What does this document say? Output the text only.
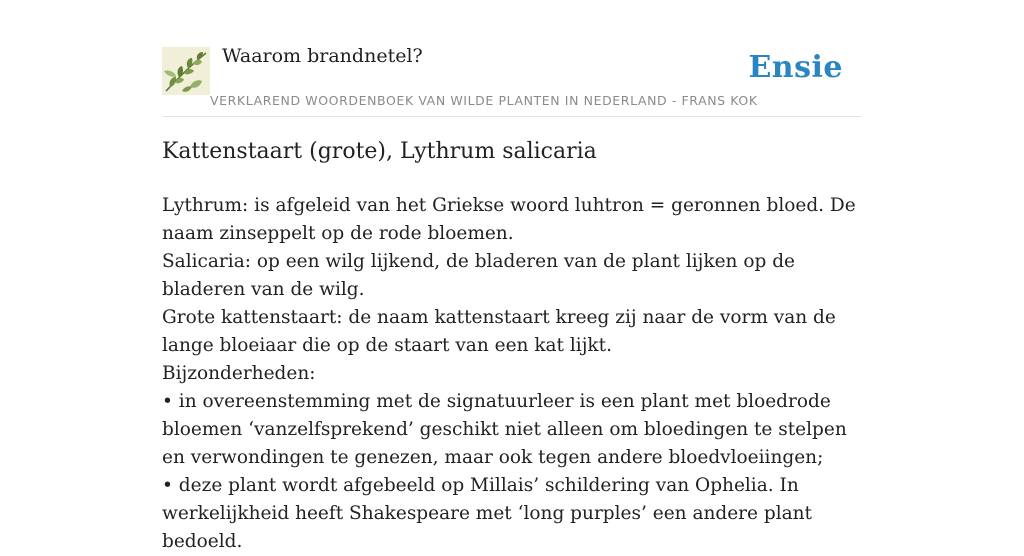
Waarom brandnetel?	Ensie
VERKLAREND WOORDENBOEK VAN WILDE PLANTEN IN NEDERLAND - FRANS KOK
Kattenstaart (grote), Lythrum salicaria

Lythrum: is afgeleid van het Griekse woord luhtron = geronnen bloed. De naam zinseppelt op de rode bloemen.

Salicaria: op een wilg lijkend, de bladeren van de plant lijken op de bladeren van de wilg.

Grote kattenstaart: de naam kattenstaart kreeg zij naar de vorm van de lange bloeiaar die op de staart van een kat lijkt.

Bijzonderheden:

• in overeenstemming met de signatuurleer is een plant met bloedrode bloemen ‘vanzelfsprekend’ geschikt niet alleen om bloedingen te stelpen en verwondingen te genezen, maar ook tegen andere bloedvloeiingen;

• deze plant wordt afgebeeld op Millais’ schildering van Ophelia. In werkelijkheid heeft Shakespeare met ‘long purples’ een andere plant bedoeld.
